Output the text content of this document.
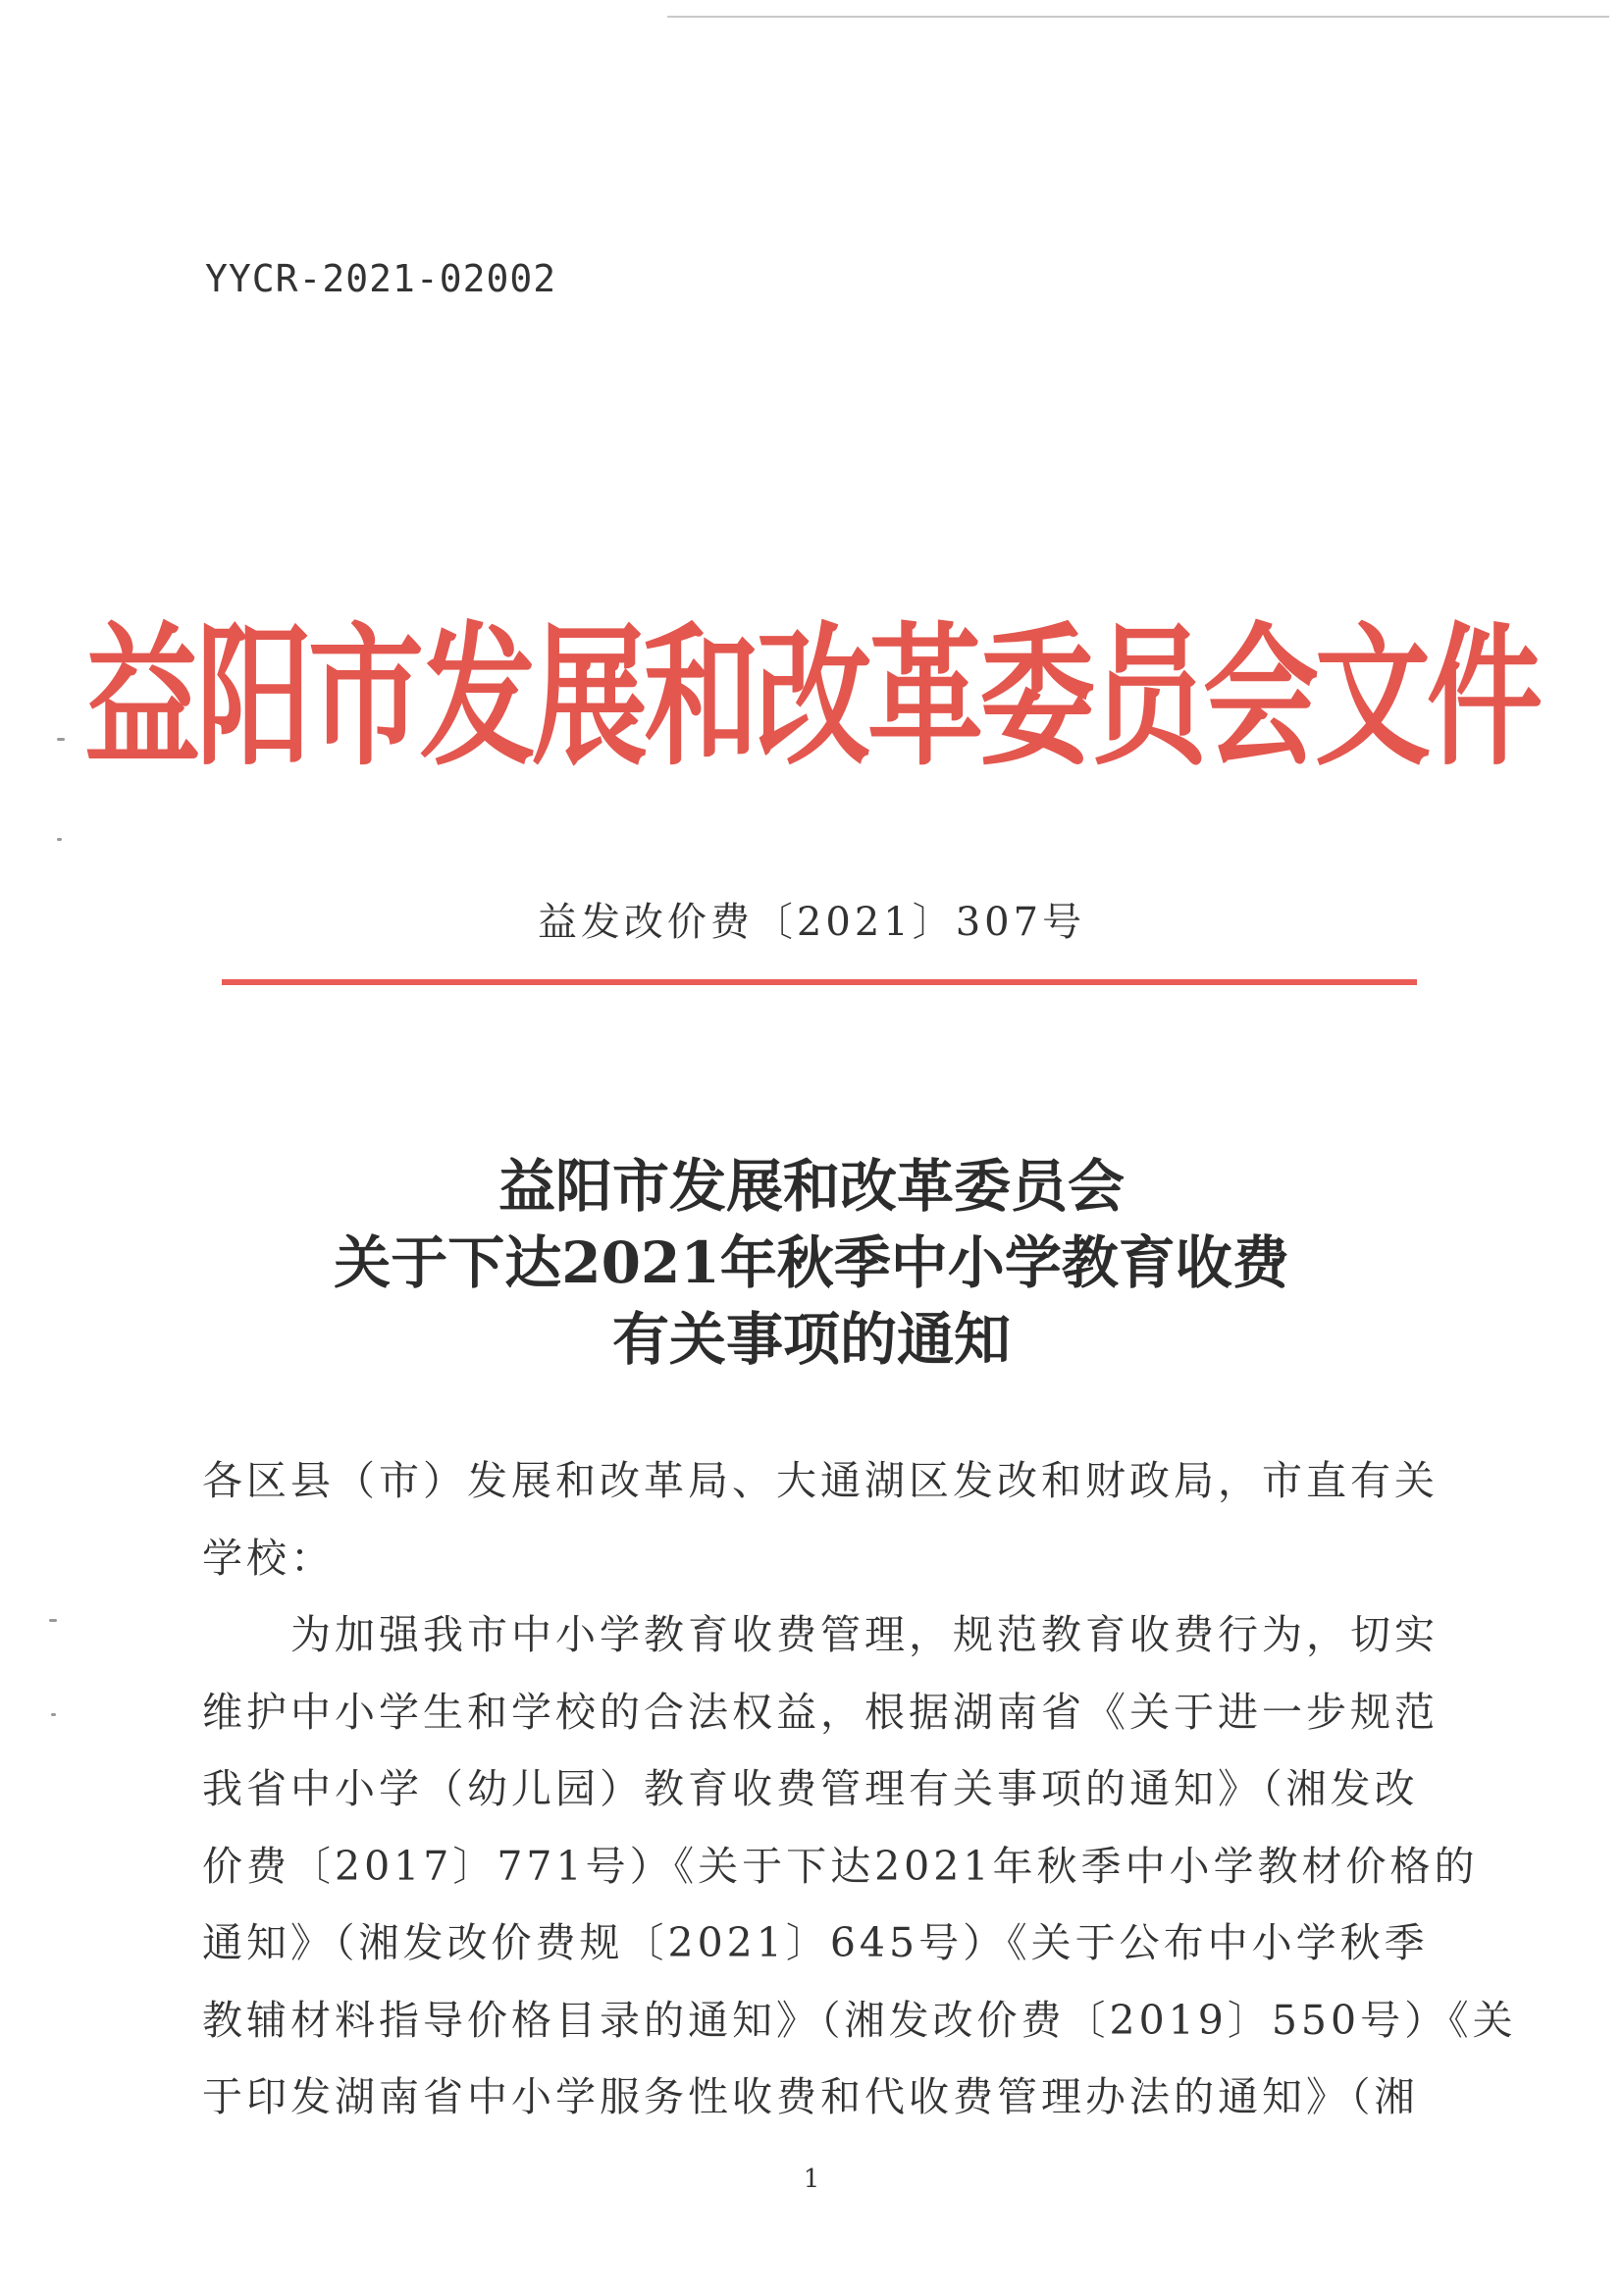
YYCR-2021-02002
益阳市发展和改革委员会文件
益发改价费〔2021〕307号
益阳市发展和改革委员会
关于下达2021年秋季中小学教育收费
有关事项的通知
各区县（市）发展和改革局、大通湖区发改和财政局，市直有关
学校：
　　为加强我市中小学教育收费管理，规范教育收费行为，切实
维护中小学生和学校的合法权益，根据湖南省《关于进一步规范
我省中小学（幼儿园）教育收费管理有关事项的通知》（湘发改
价费〔2017〕771号）《关于下达2021年秋季中小学教材价格的
通知》（湘发改价费规〔2021〕645号）《关于公布中小学秋季
教辅材料指导价格目录的通知》（湘发改价费〔2019〕550号）《关
于印发湖南省中小学服务性收费和代收费管理办法的通知》（湘
1
